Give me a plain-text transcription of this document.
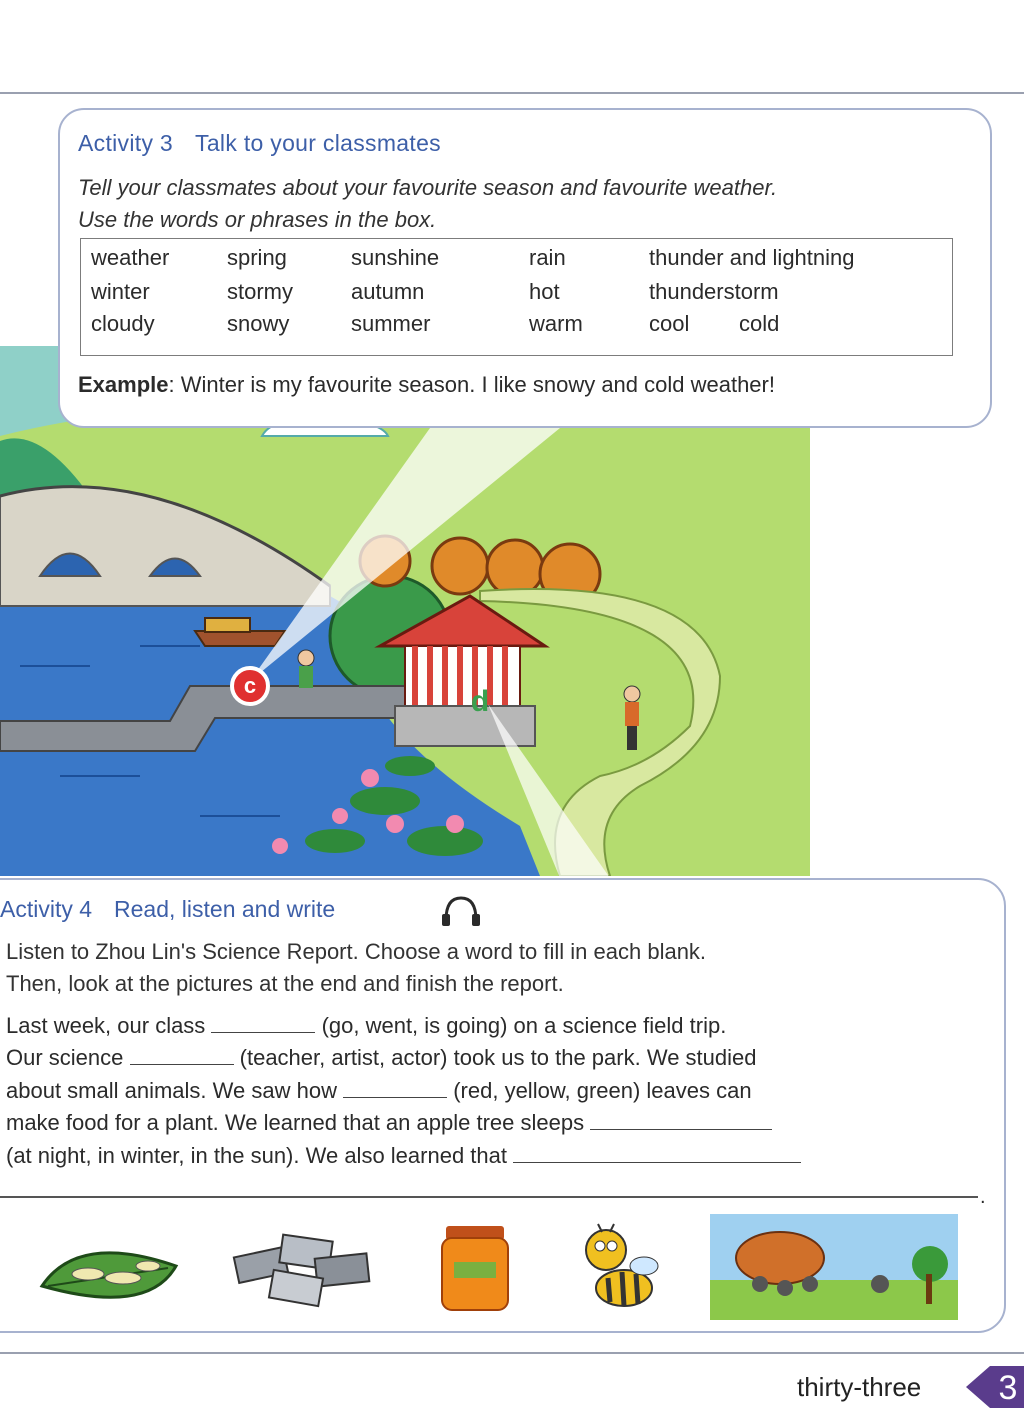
c	d
Activity 3 Talk to your classmates
Tell your classmates about your favourite season and favourite weather.
Use the words or phrases in the box.
weather	spring	sunshine	rain	thunder and lightning
winter	stormy	autumn	hot	thunderstorm
cloudy	snowy	summer	warm	cool cold
Example: Winter is my favourite season. I like snowy and cold weather!
Activity 4 Read, listen and write
Listen to Zhou Lin's Science Report. Choose a word to fill in each blank.
Then, look at the pictures at the end and finish the report.
Last week, our class	(go, went, is going) on a science field trip.
Our science	(teacher, artist, actor) took us to the park. We studied
about small animals. We saw how	(red, yellow, green) leaves can
make food for a plant. We learned that an apple tree sleeps
(at night, in winter, in the sun). We also learned that
.
thirty-three 3
